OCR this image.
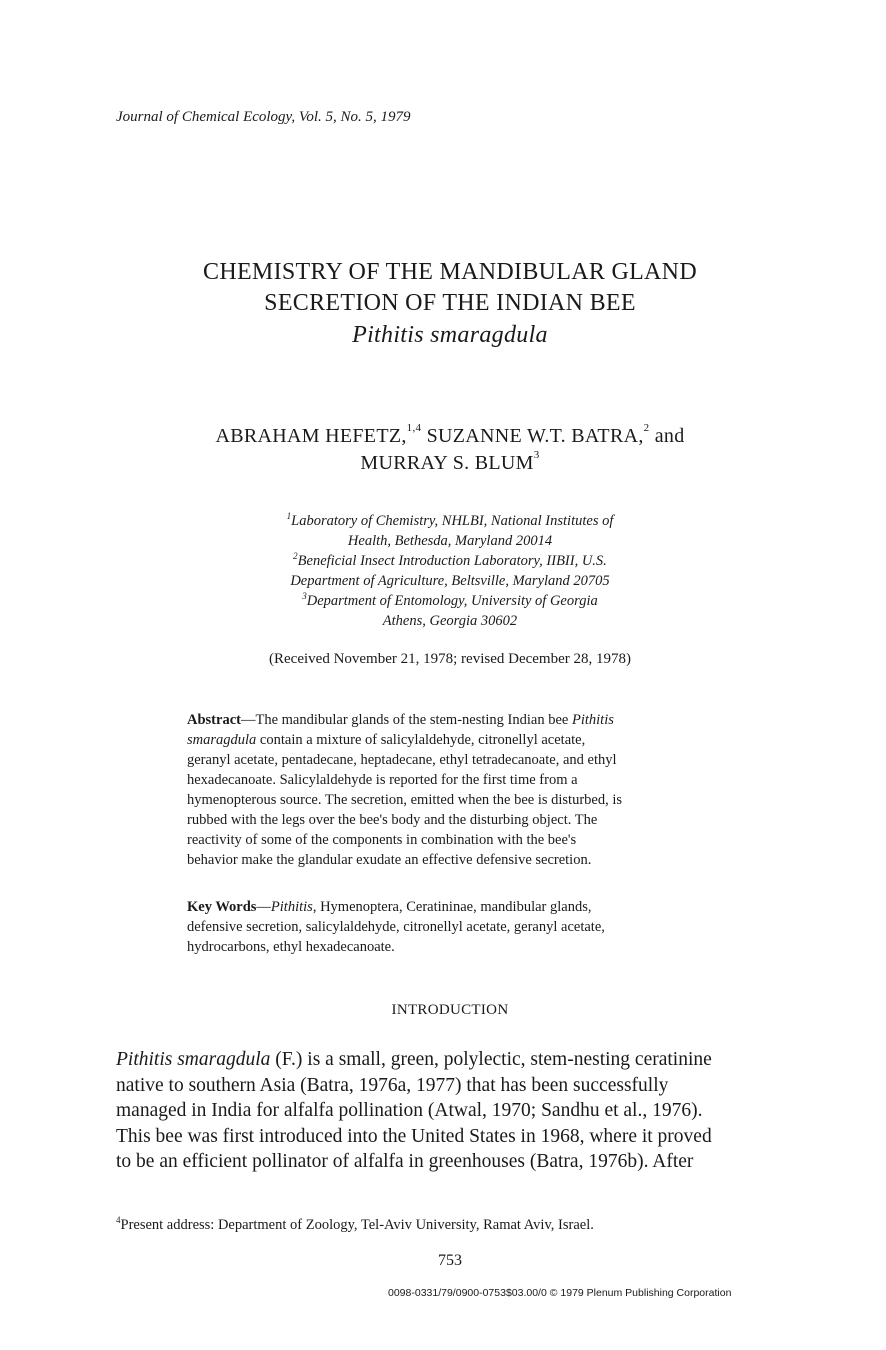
Journal of Chemical Ecology, Vol. 5, No. 5, 1979
CHEMISTRY OF THE MANDIBULAR GLAND
SECRETION OF THE INDIAN BEE
Pithitis smaragdula
ABRAHAM HEFETZ,$^{1,4}$ SUZANNE W.T. BATRA,$^2$ and
MURRAY S. BLUM$^3$
$^1$Laboratory of Chemistry, NHLBI, National Institutes of
Health, Bethesda, Maryland 20014
$^2$Beneficial Insect Introduction Laboratory, IIBII, U.S.
Department of Agriculture, Beltsville, Maryland 20705
$^3$Department of Entomology, University of Georgia
Athens, Georgia 30602
(Received November 21, 1978; revised December 28, 1978)
Abstract—The mandibular glands of the stem-nesting Indian bee Pithitis
smaragdula contain a mixture of salicylaldehyde, citronellyl acetate,
geranyl acetate, pentadecane, heptadecane, ethyl tetradecanoate, and ethyl
hexadecanoate. Salicylaldehyde is reported for the first time from a
hymenopterous source. The secretion, emitted when the bee is disturbed, is
rubbed with the legs over the bee's body and the disturbing object. The
reactivity of some of the components in combination with the bee's
behavior make the glandular exudate an effective defensive secretion.
Key Words—Pithitis, Hymenoptera, Ceratininae, mandibular glands,
defensive secretion, salicylaldehyde, citronellyl acetate, geranyl acetate,
hydrocarbons, ethyl hexadecanoate.
INTRODUCTION
Pithitis smaragdula (F.) is a small, green, polylectic, stem-nesting ceratinine
native to southern Asia (Batra, 1976a, 1977) that has been successfully
managed in India for alfalfa pollination (Atwal, 1970; Sandhu et al., 1976).
This bee was first introduced into the United States in 1968, where it proved
to be an efficient pollinator of alfalfa in greenhouses (Batra, 1976b). After
$^4$Present address: Department of Zoology, Tel-Aviv University, Ramat Aviv, Israel.
753
0098-0331/79/0900-0753$03.00/0 © 1979 Plenum Publishing Corporation
